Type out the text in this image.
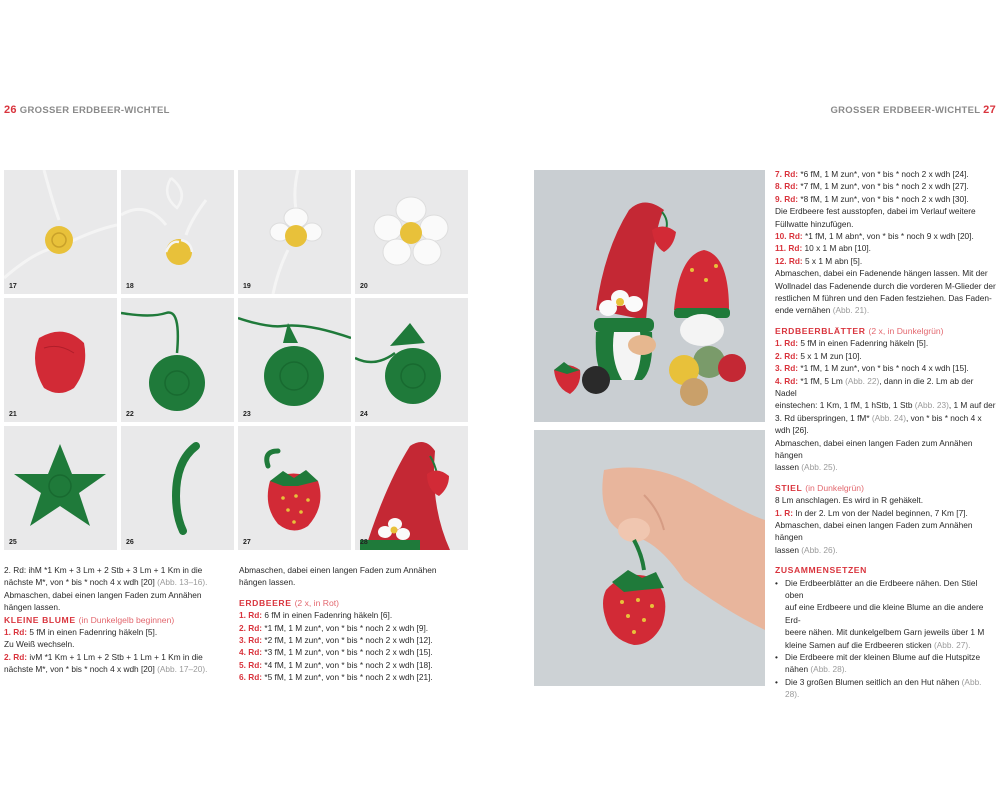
26 GROSSER ERDBEER-WICHTEL	GROSSER ERDBEER-WICHTEL 27
17	18	19	20
21	22	23	24
25	26	27	28

2. Rd: ihM *1 Km + 3 Lm + 2 Stb + 3 Lm + 1 Km in die

nächste M*, von * bis * noch 4 x wdh [20] (Abb. 13–16).

Abmaschen, dabei einen langen Faden zum Annähen

hängen lassen.

KLEINE BLUME (in Dunkelgelb beginnen)

1. Rd: 5 fM in einen Fadenring häkeln [5].

Zu Weiß wechseln.

2. Rd: ivM *1 Km + 1 Lm + 2 Stb + 1 Lm + 1 Km in die

nächste M*, von * bis * noch 4 x wdh [20] (Abb. 17–20).

Abmaschen, dabei einen langen Faden zum Annähen

hängen lassen.

ERDBEERE (2 x, in Rot)

1. Rd: 6 fM in einen Fadenring häkeln [6].

2. Rd: *1 fM, 1 M zun*, von * bis * noch 2 x wdh [9].

3. Rd: *2 fM, 1 M zun*, von * bis * noch 2 x wdh [12].

4. Rd: *3 fM, 1 M zun*, von * bis * noch 2 x wdh [15].

5. Rd: *4 fM, 1 M zun*, von * bis * noch 2 x wdh [18].

6. Rd: *5 fM, 1 M zun*, von * bis * noch 2 x wdh [21].

7. Rd: *6 fM, 1 M zun*, von * bis * noch 2 x wdh [24].

8. Rd: *7 fM, 1 M zun*, von * bis * noch 2 x wdh [27].

9. Rd: *8 fM, 1 M zun*, von * bis * noch 2 x wdh [30].

Die Erdbeere fest ausstopfen, dabei im Verlauf weitere

Füllwatte hinzufügen.

10. Rd: *1 fM, 1 M abn*, von * bis * noch 9 x wdh [20].

11. Rd: 10 x 1 M abn [10].

12. Rd: 5 x 1 M abn [5].

Abmaschen, dabei ein Fadenende hängen lassen. Mit der

Wollnadel das Fadenende durch die vorderen M-Glieder der

restlichen M führen und den Faden festziehen. Das Faden-

ende vernähen (Abb. 21).

ERDBEERBLÄTTER (2 x, in Dunkelgrün)

1. Rd: 5 fM in einen Fadenring häkeln [5].

2. Rd: 5 x 1 M zun [10].

3. Rd: *1 fM, 1 M zun*, von * bis * noch 4 x wdh [15].

4. Rd: *1 fM, 5 Lm (Abb. 22), dann in die 2. Lm ab der Nadel

einstechen: 1 Km, 1 fM, 1 hStb, 1 Stb (Abb. 23), 1 M auf der

3. Rd überspringen, 1 fM* (Abb. 24), von * bis * noch 4 x

wdh [26].

Abmaschen, dabei einen langen Faden zum Annähen hängen

lassen (Abb. 25).

STIEL (in Dunkelgrün)

8 Lm anschlagen. Es wird in R gehäkelt.

1. R: In der 2. Lm von der Nadel beginnen, 7 Km [7].

Abmaschen, dabei einen langen Faden zum Annähen hängen

lassen (Abb. 26).

ZUSAMMENSETZEN

• Die Erdbeerblätter an die Erdbeere nähen. Den Stiel oben
auf eine Erdbeere und die kleine Blume an die andere Erd-
beere nähen. Mit dunkelgelbem Garn jeweils über 1 M
kleine Samen auf die Erdbeeren sticken (Abb. 27).
• Die Erdbeere mit der kleinen Blume auf die Hutspitze
nähen (Abb. 28).
• Die 3 großen Blumen seitlich an den Hut nähen (Abb. 28).
